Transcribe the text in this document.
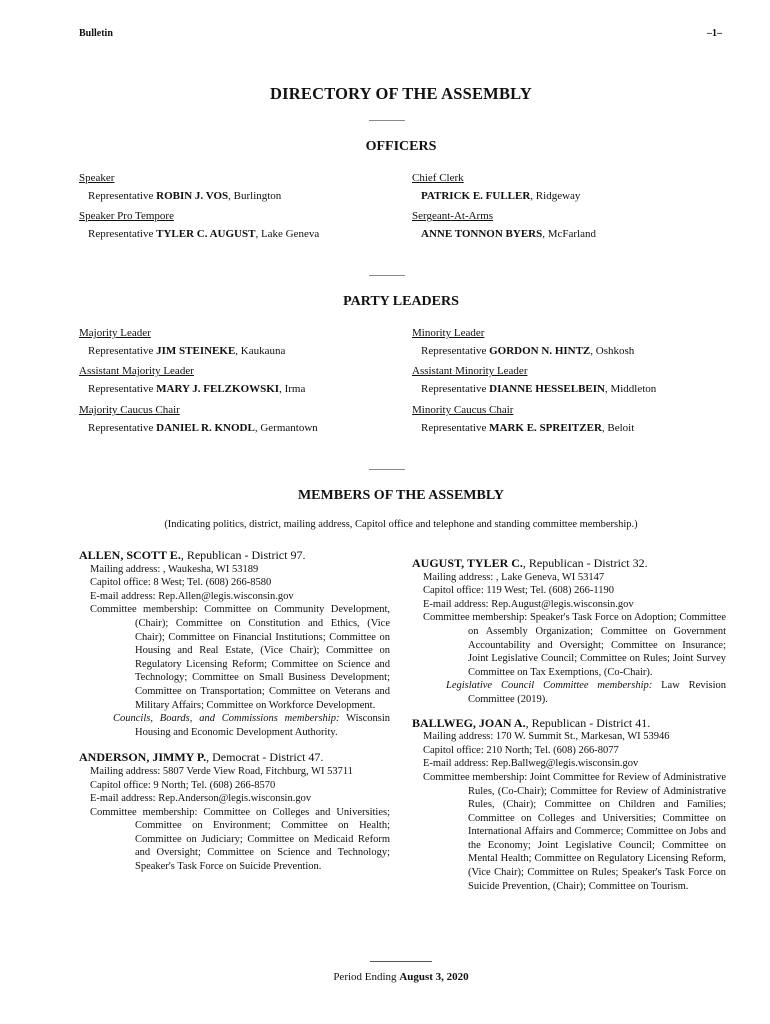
Bulletin	–1–
DIRECTORY OF THE ASSEMBLY
OFFICERS
Speaker
Representative ROBIN J. VOS, Burlington
Chief Clerk
PATRICK E. FULLER, Ridgeway
Speaker Pro Tempore
Representative TYLER C. AUGUST, Lake Geneva
Sergeant-At-Arms
ANNE TONNON BYERS, McFarland
PARTY LEADERS
Majority Leader
Representative JIM STEINEKE, Kaukauna
Minority Leader
Representative GORDON N. HINTZ, Oshkosh
Assistant Majority Leader
Representative MARY J. FELZKOWSKI, Irma
Assistant Minority Leader
Representative DIANNE HESSELBEIN, Middleton
Majority Caucus Chair
Representative DANIEL R. KNODL, Germantown
Minority Caucus Chair
Representative MARK E. SPREITZER, Beloit
MEMBERS OF THE ASSEMBLY
(Indicating politics, district, mailing address, Capitol office and telephone and standing committee membership.)
ALLEN, SCOTT E., Republican - District 97.
Mailing address: , Waukesha, WI 53189
Capitol office: 8 West; Tel. (608) 266-8580
E-mail address: Rep.Allen@legis.wisconsin.gov
Committee membership: Committee on Community Development, (Chair); Committee on Constitution and Ethics, (Vice Chair); Committee on Financial Institutions; Committee on Housing and Real Estate, (Vice Chair); Committee on Regulatory Licensing Reform; Committee on Science and Technology; Committee on Small Business Development; Committee on Transportation; Committee on Veterans and Military Affairs; Committee on Workforce Development.
Councils, Boards, and Commissions membership: Wisconsin Housing and Economic Development Authority.
ANDERSON, JIMMY P., Democrat - District 47.
Mailing address: 5807 Verde View Road, Fitchburg, WI 53711
Capitol office: 9 North; Tel. (608) 266-8570
E-mail address: Rep.Anderson@legis.wisconsin.gov
Committee membership: Committee on Colleges and Universities; Committee on Environment; Committee on Health; Committee on Judiciary; Committee on Medicaid Reform and Oversight; Committee on Science and Technology; Speaker's Task Force on Suicide Prevention.
AUGUST, TYLER C., Republican - District 32.
Mailing address: , Lake Geneva, WI 53147
Capitol office: 119 West; Tel. (608) 266-1190
E-mail address: Rep.August@legis.wisconsin.gov
Committee membership: Speaker's Task Force on Adoption; Committee on Assembly Organization; Committee on Government Accountability and Oversight; Committee on Insurance; Joint Legislative Council; Committee on Rules; Joint Survey Committee on Tax Exemptions, (Co-Chair).
Legislative Council Committee membership: Law Revision Committee (2019).
BALLWEG, JOAN A., Republican - District 41.
Mailing address: 170 W. Summit St., Markesan, WI 53946
Capitol office: 210 North; Tel. (608) 266-8077
E-mail address: Rep.Ballweg@legis.wisconsin.gov
Committee membership: Joint Committee for Review of Administrative Rules, (Co-Chair); Committee for Review of Administrative Rules, (Chair); Committee on Children and Families; Committee on Colleges and Universities; Committee on International Affairs and Commerce; Committee on Jobs and the Economy; Joint Legislative Council; Committee on Mental Health; Committee on Regulatory Licensing Reform, (Vice Chair); Committee on Rules; Speaker's Task Force on Suicide Prevention, (Chair); Committee on Tourism.
Period Ending August 3, 2020
